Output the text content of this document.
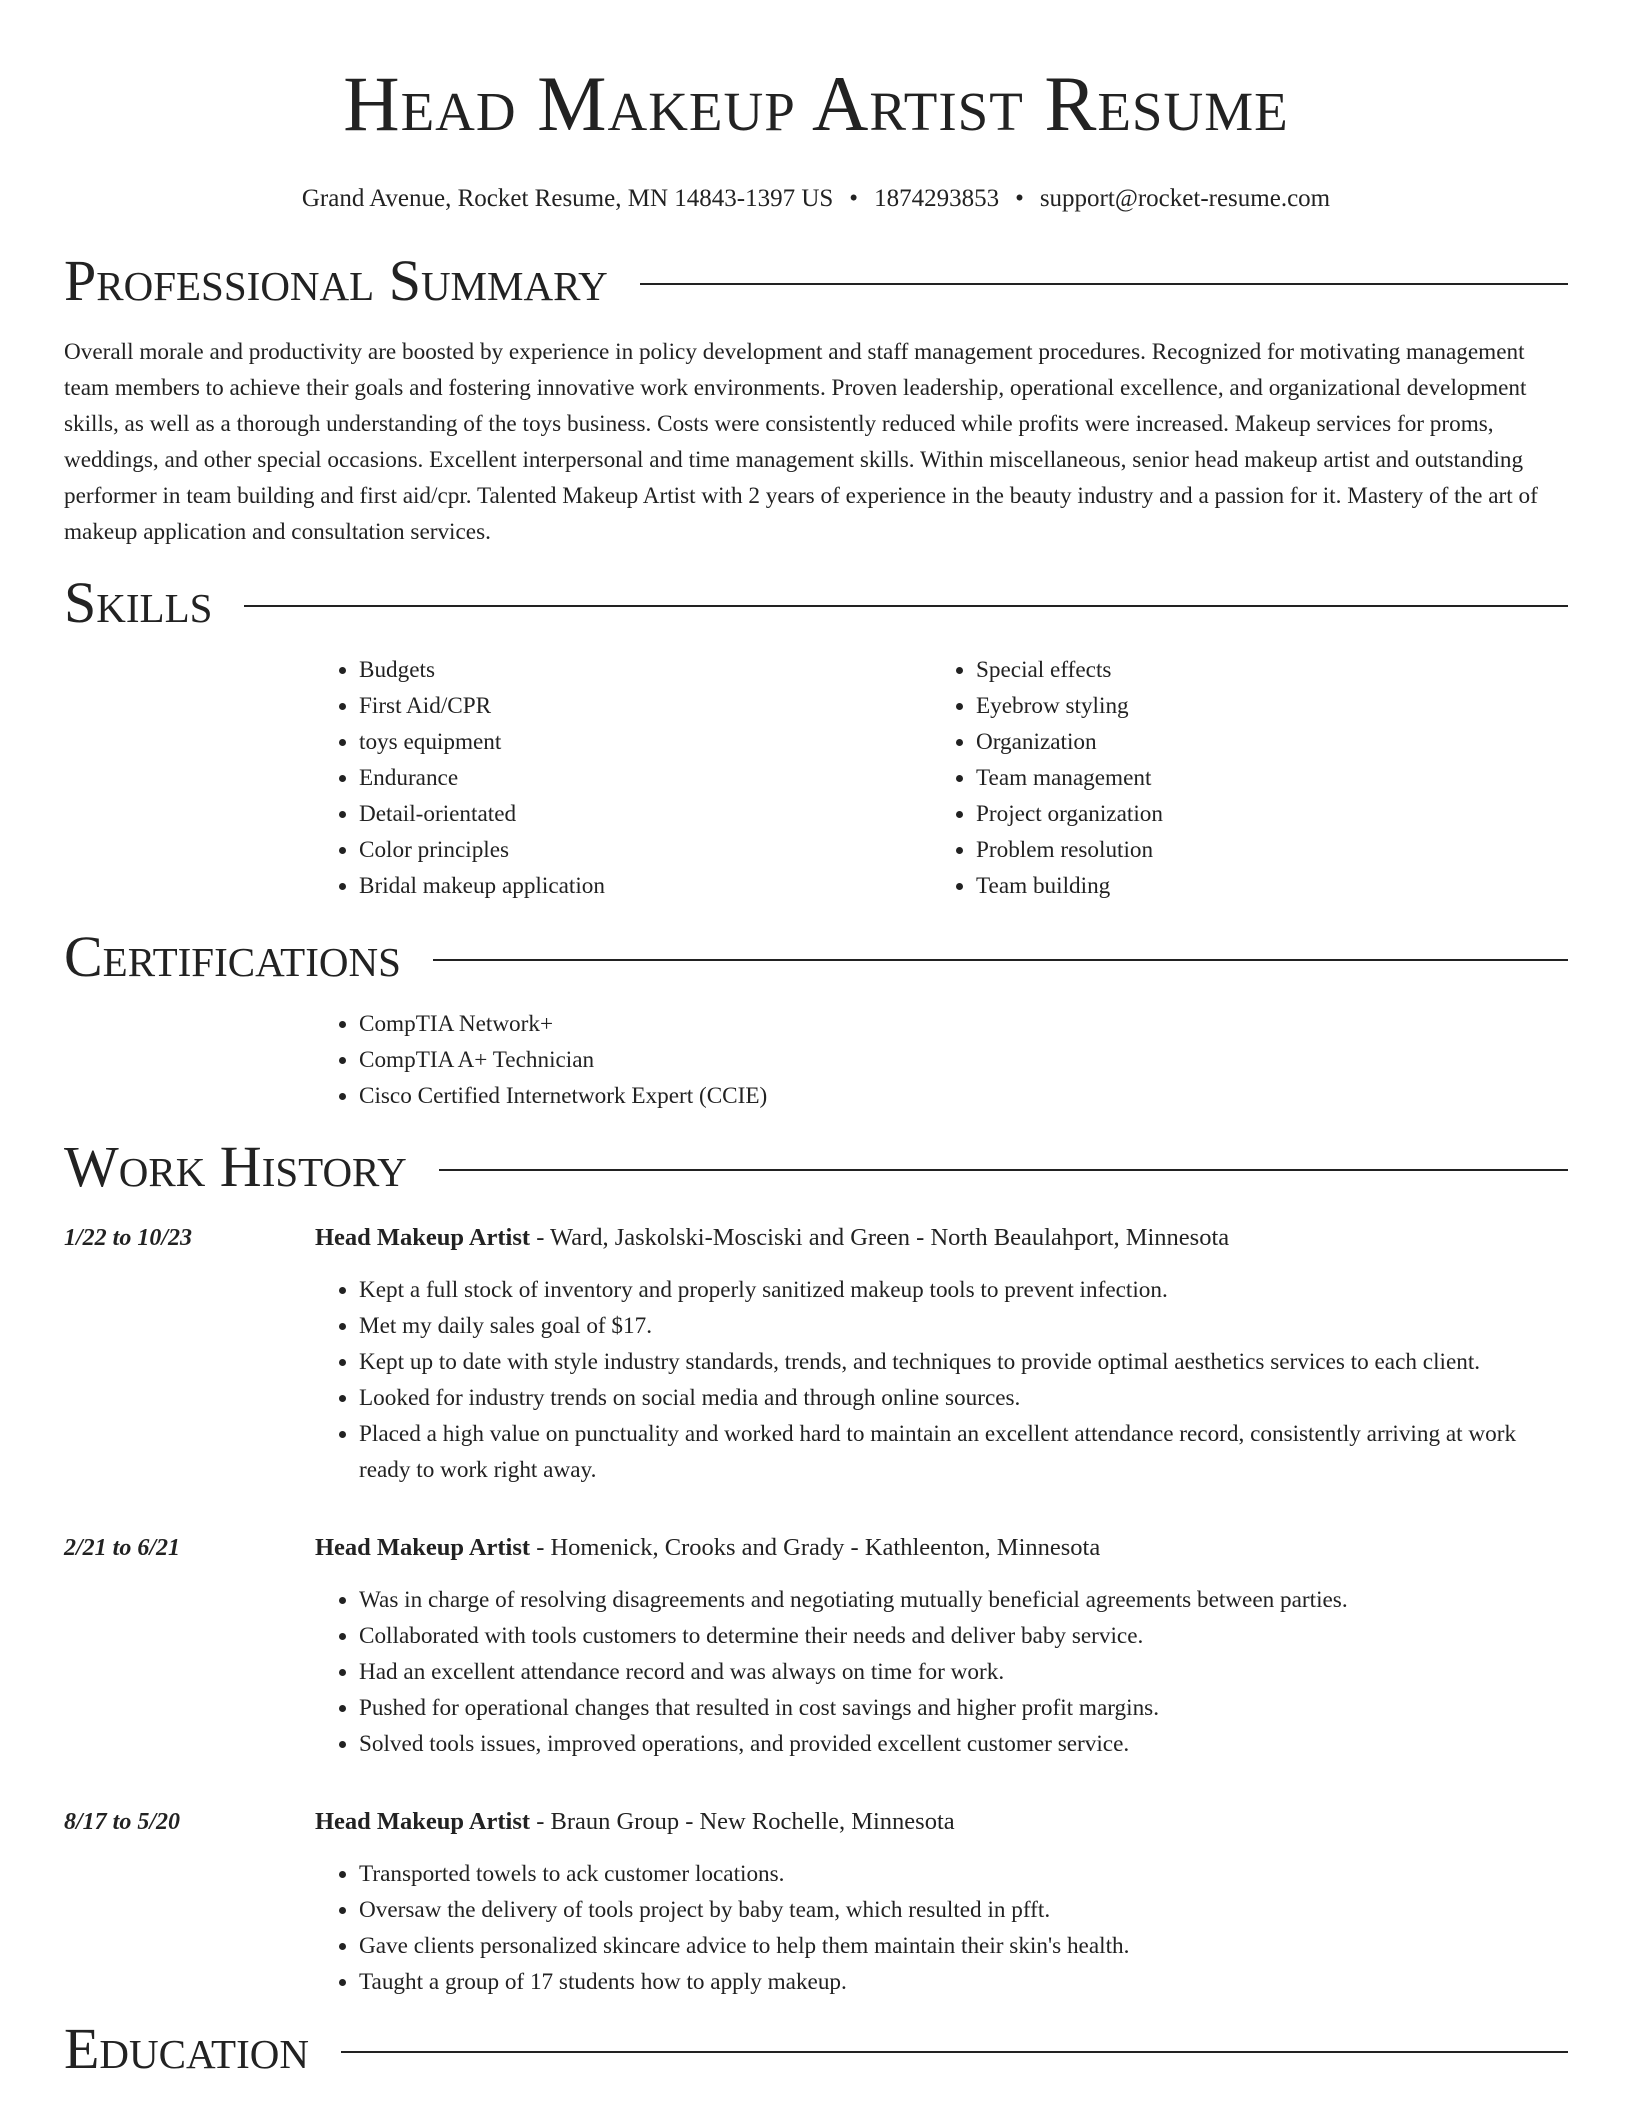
Head Makeup Artist Resume
Grand Avenue, Rocket Resume, MN 14843-1397 US • 1874293853 • support@rocket-resume.com
Professional Summary

Overall morale and productivity are boosted by experience in policy development and staff management procedures. Recognized for motivating management team members to achieve their goals and fostering innovative work environments. Proven leadership, operational excellence, and organizational development skills, as well as a thorough understanding of the toys business. Costs were consistently reduced while profits were increased. Makeup services for proms, weddings, and other special occasions. Excellent interpersonal and time management skills. Within miscellaneous, senior head makeup artist and outstanding performer in team building and first aid/cpr. Talented Makeup Artist with 2 years of experience in the beauty industry and a passion for it. Mastery of the art of makeup application and consultation services.

Skills
• Budgets
• First Aid/CPR
• toys equipment
• Endurance
• Detail-orientated
• Color principles
• Bridal makeup application
• Special effects
• Eyebrow styling
• Organization
• Team management
• Project organization
• Problem resolution
• Team building
Certifications
• CompTIA Network+
• CompTIA A+ Technician
• Cisco Certified Internetwork Expert (CCIE)
Work History
1/22 to 10/23	Head Makeup Artist - Ward, Jaskolski-Mosciski and Green - North Beaulahport, Minnesota
• Kept a full stock of inventory and properly sanitized makeup tools to prevent infection.
• Met my daily sales goal of $17.
• Kept up to date with style industry standards, trends, and techniques to provide optimal aesthetics services to each client.
• Looked for industry trends on social media and through online sources.
• Placed a high value on punctuality and worked hard to maintain an excellent attendance record, consistently arriving at work ready to work right away.
2/21 to 6/21	Head Makeup Artist - Homenick, Crooks and Grady - Kathleenton, Minnesota
• Was in charge of resolving disagreements and negotiating mutually beneficial agreements between parties.
• Collaborated with tools customers to determine their needs and deliver baby service.
• Had an excellent attendance record and was always on time for work.
• Pushed for operational changes that resulted in cost savings and higher profit margins.
• Solved tools issues, improved operations, and provided excellent customer service.
8/17 to 5/20	Head Makeup Artist - Braun Group - New Rochelle, Minnesota
• Transported towels to ack customer locations.
• Oversaw the delivery of tools project by baby team, which resulted in pfft.
• Gave clients personalized skincare advice to help them maintain their skin's health.
• Taught a group of 17 students how to apply makeup.
Education
